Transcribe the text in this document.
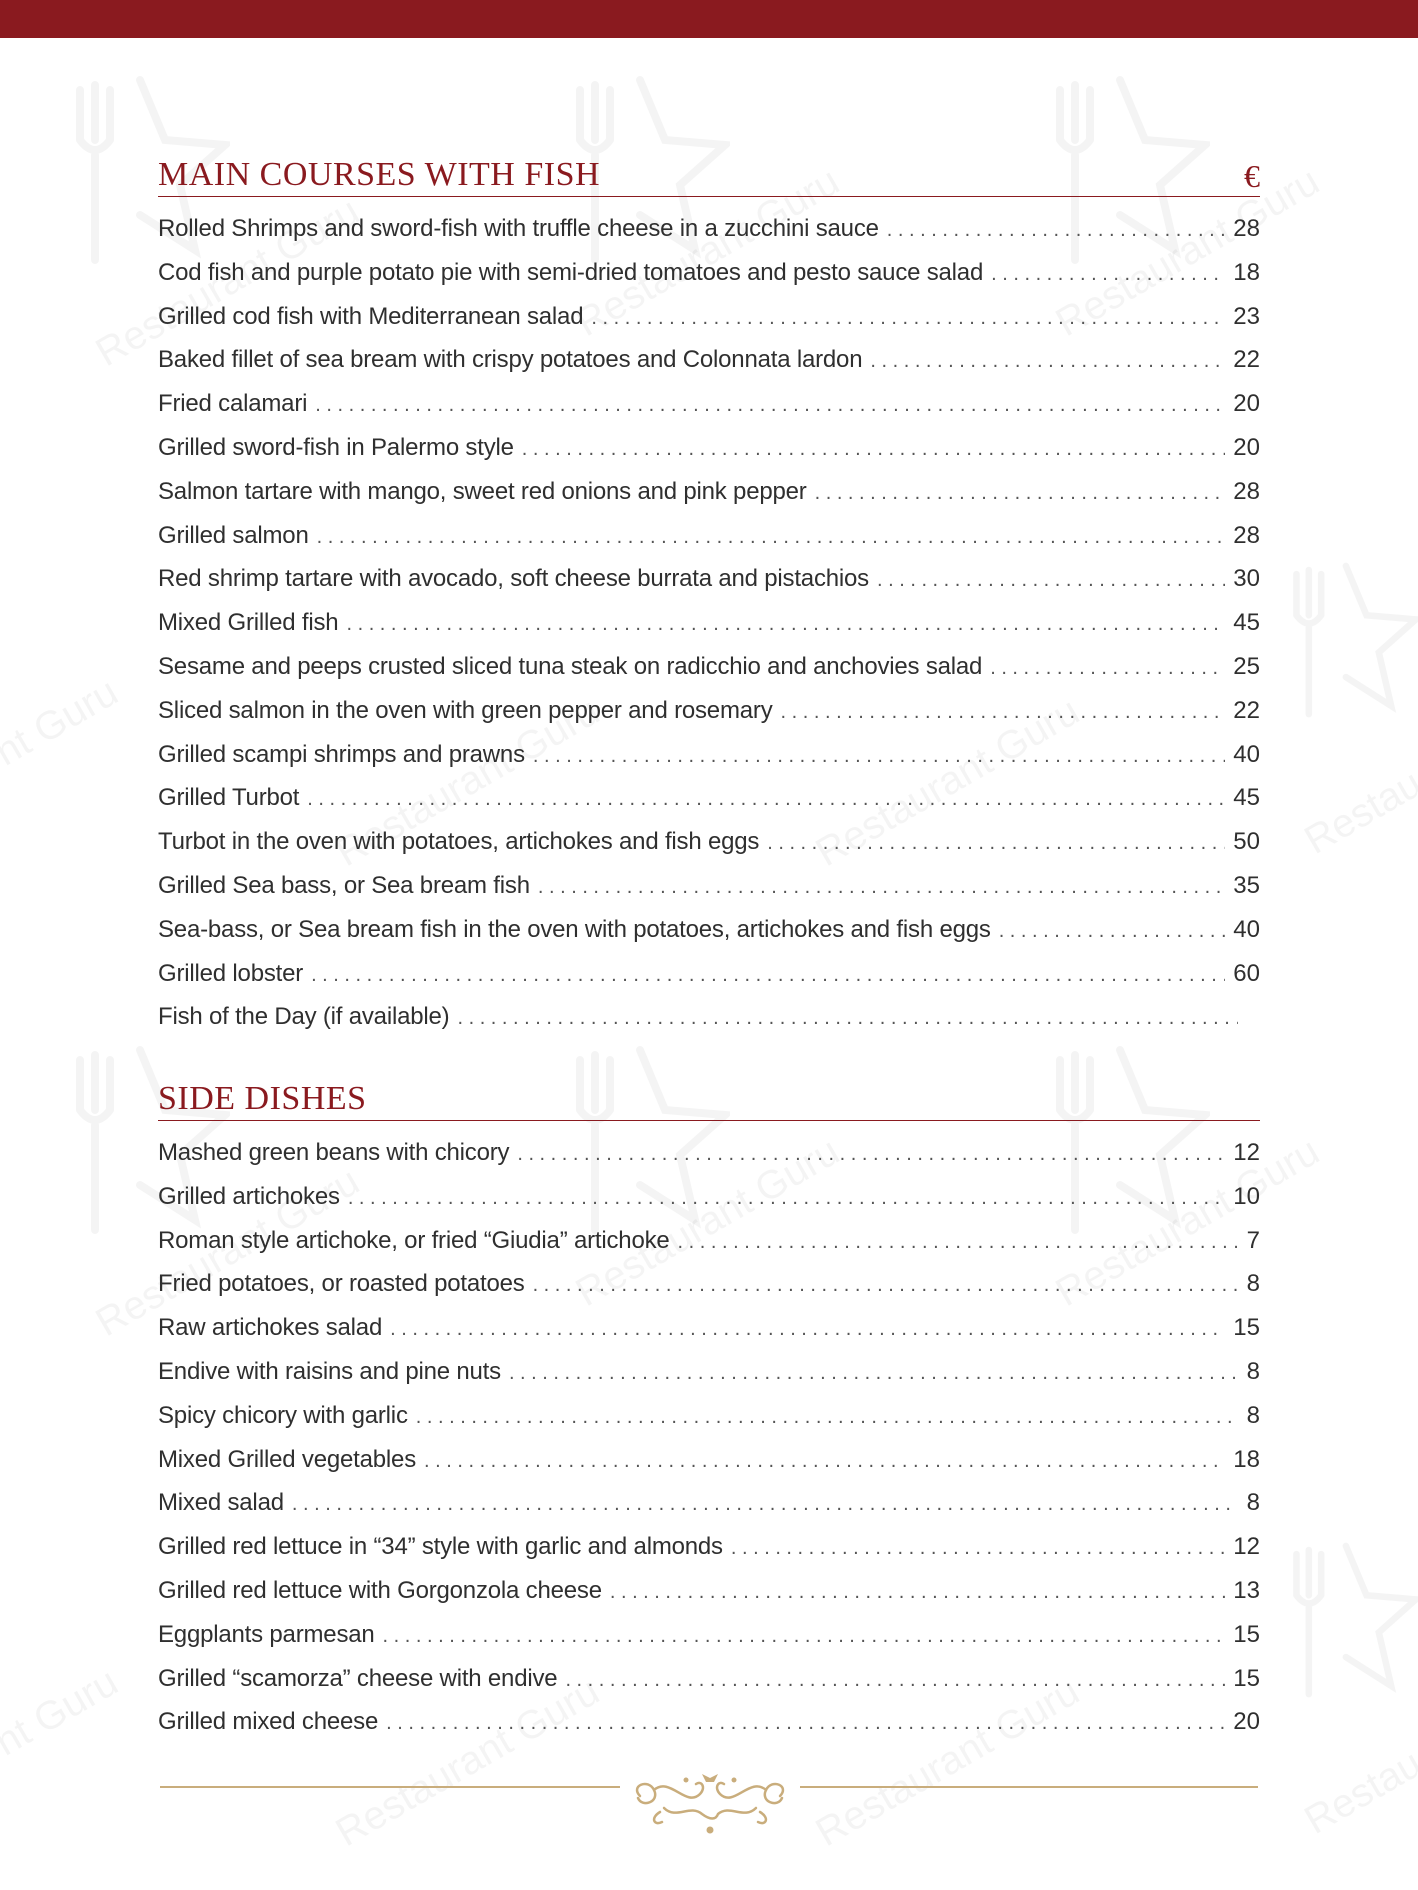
MAIN COURSES WITH FISH	€
Rolled Shrimps and sword-fish with truffle cheese in a zucchini sauce . . .	28
Cod fish and purple potato pie with semi-dried tomatoes and pesto sauce salad . . .	18
Grilled cod fish with Mediterranean salad . . .	23
Baked fillet of sea bream with crispy potatoes and Colonnata lardon . . .	22
Fried calamari . . .	20
Grilled sword-fish in Palermo style . . .	20
Salmon tartare with mango, sweet red onions and pink pepper . . .	28
Grilled salmon . . .	28
Red shrimp tartare with avocado, soft cheese burrata and pistachios . . .	30
Mixed Grilled fish . . .	45
Sesame and peeps crusted sliced tuna steak on radicchio and anchovies salad . . .	25
Sliced salmon in the oven with green pepper and rosemary . . .	22
Grilled scampi shrimps and prawns . . .	40
Grilled Turbot . . .	45
Turbot in the oven with potatoes, artichokes and fish eggs . . .	50
Grilled Sea bass, or Sea bream fish . . .	35
Sea-bass, or Sea bream fish in the oven with potatoes, artichokes and fish eggs . . .	40
Grilled lobster . . .	60
Fish of the Day (if available)
. . .
SIDE DISHES
Mashed green beans with chicory . . .	12
Grilled artichokes . . .	10
Roman style artichoke, or fried “Giudia” artichoke . . .	7
Fried potatoes, or roasted potatoes . . .	8
Raw artichokes salad . . .	15
Endive with raisins and pine nuts . . .	8
Spicy chicory with garlic . . .	8
Mixed Grilled vegetables . . .	18
Mixed salad . . .	8
Grilled red lettuce in “34” style with garlic and almonds . . .	12
Grilled red lettuce with Gorgonzola cheese . . .	13
Eggplants parmesan . . .	15
Grilled “scamorza” cheese with endive . . .	15
Grilled mixed cheese . . .	20
